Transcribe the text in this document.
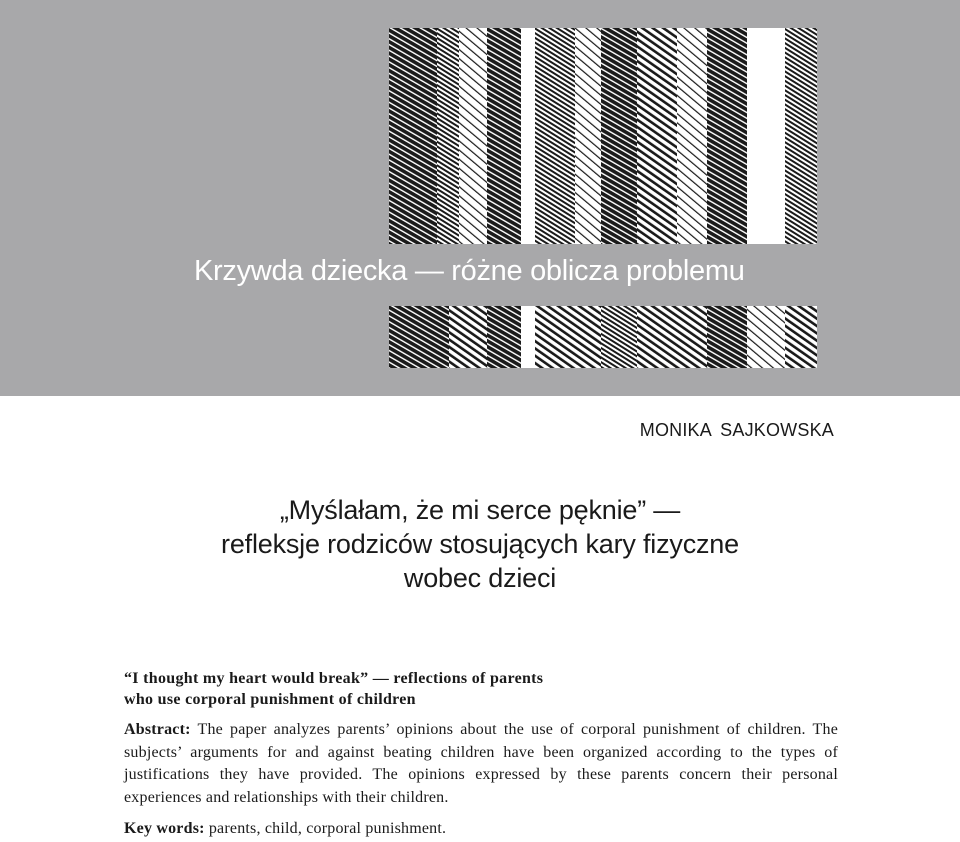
Krzywda dziecka — różne oblicza problemu

MONIKA SAJKOWSKA

„Myślałam, że mi serce pęknie” —
refleksje rodziców stosujących kary fizyczne
wobec dzieci
“I thought my heart would break” — reflections of parents
who use corporal punishment of children

Abstract: The paper analyzes parents’ opinions about the use of corporal punishment of children. The subjects’ arguments for and against beating children have been organized according to the types of justifications they have provided. The opinions expressed by these parents concern their personal experiences and relationships with their children.

Key words: parents, child, corporal punishment.
